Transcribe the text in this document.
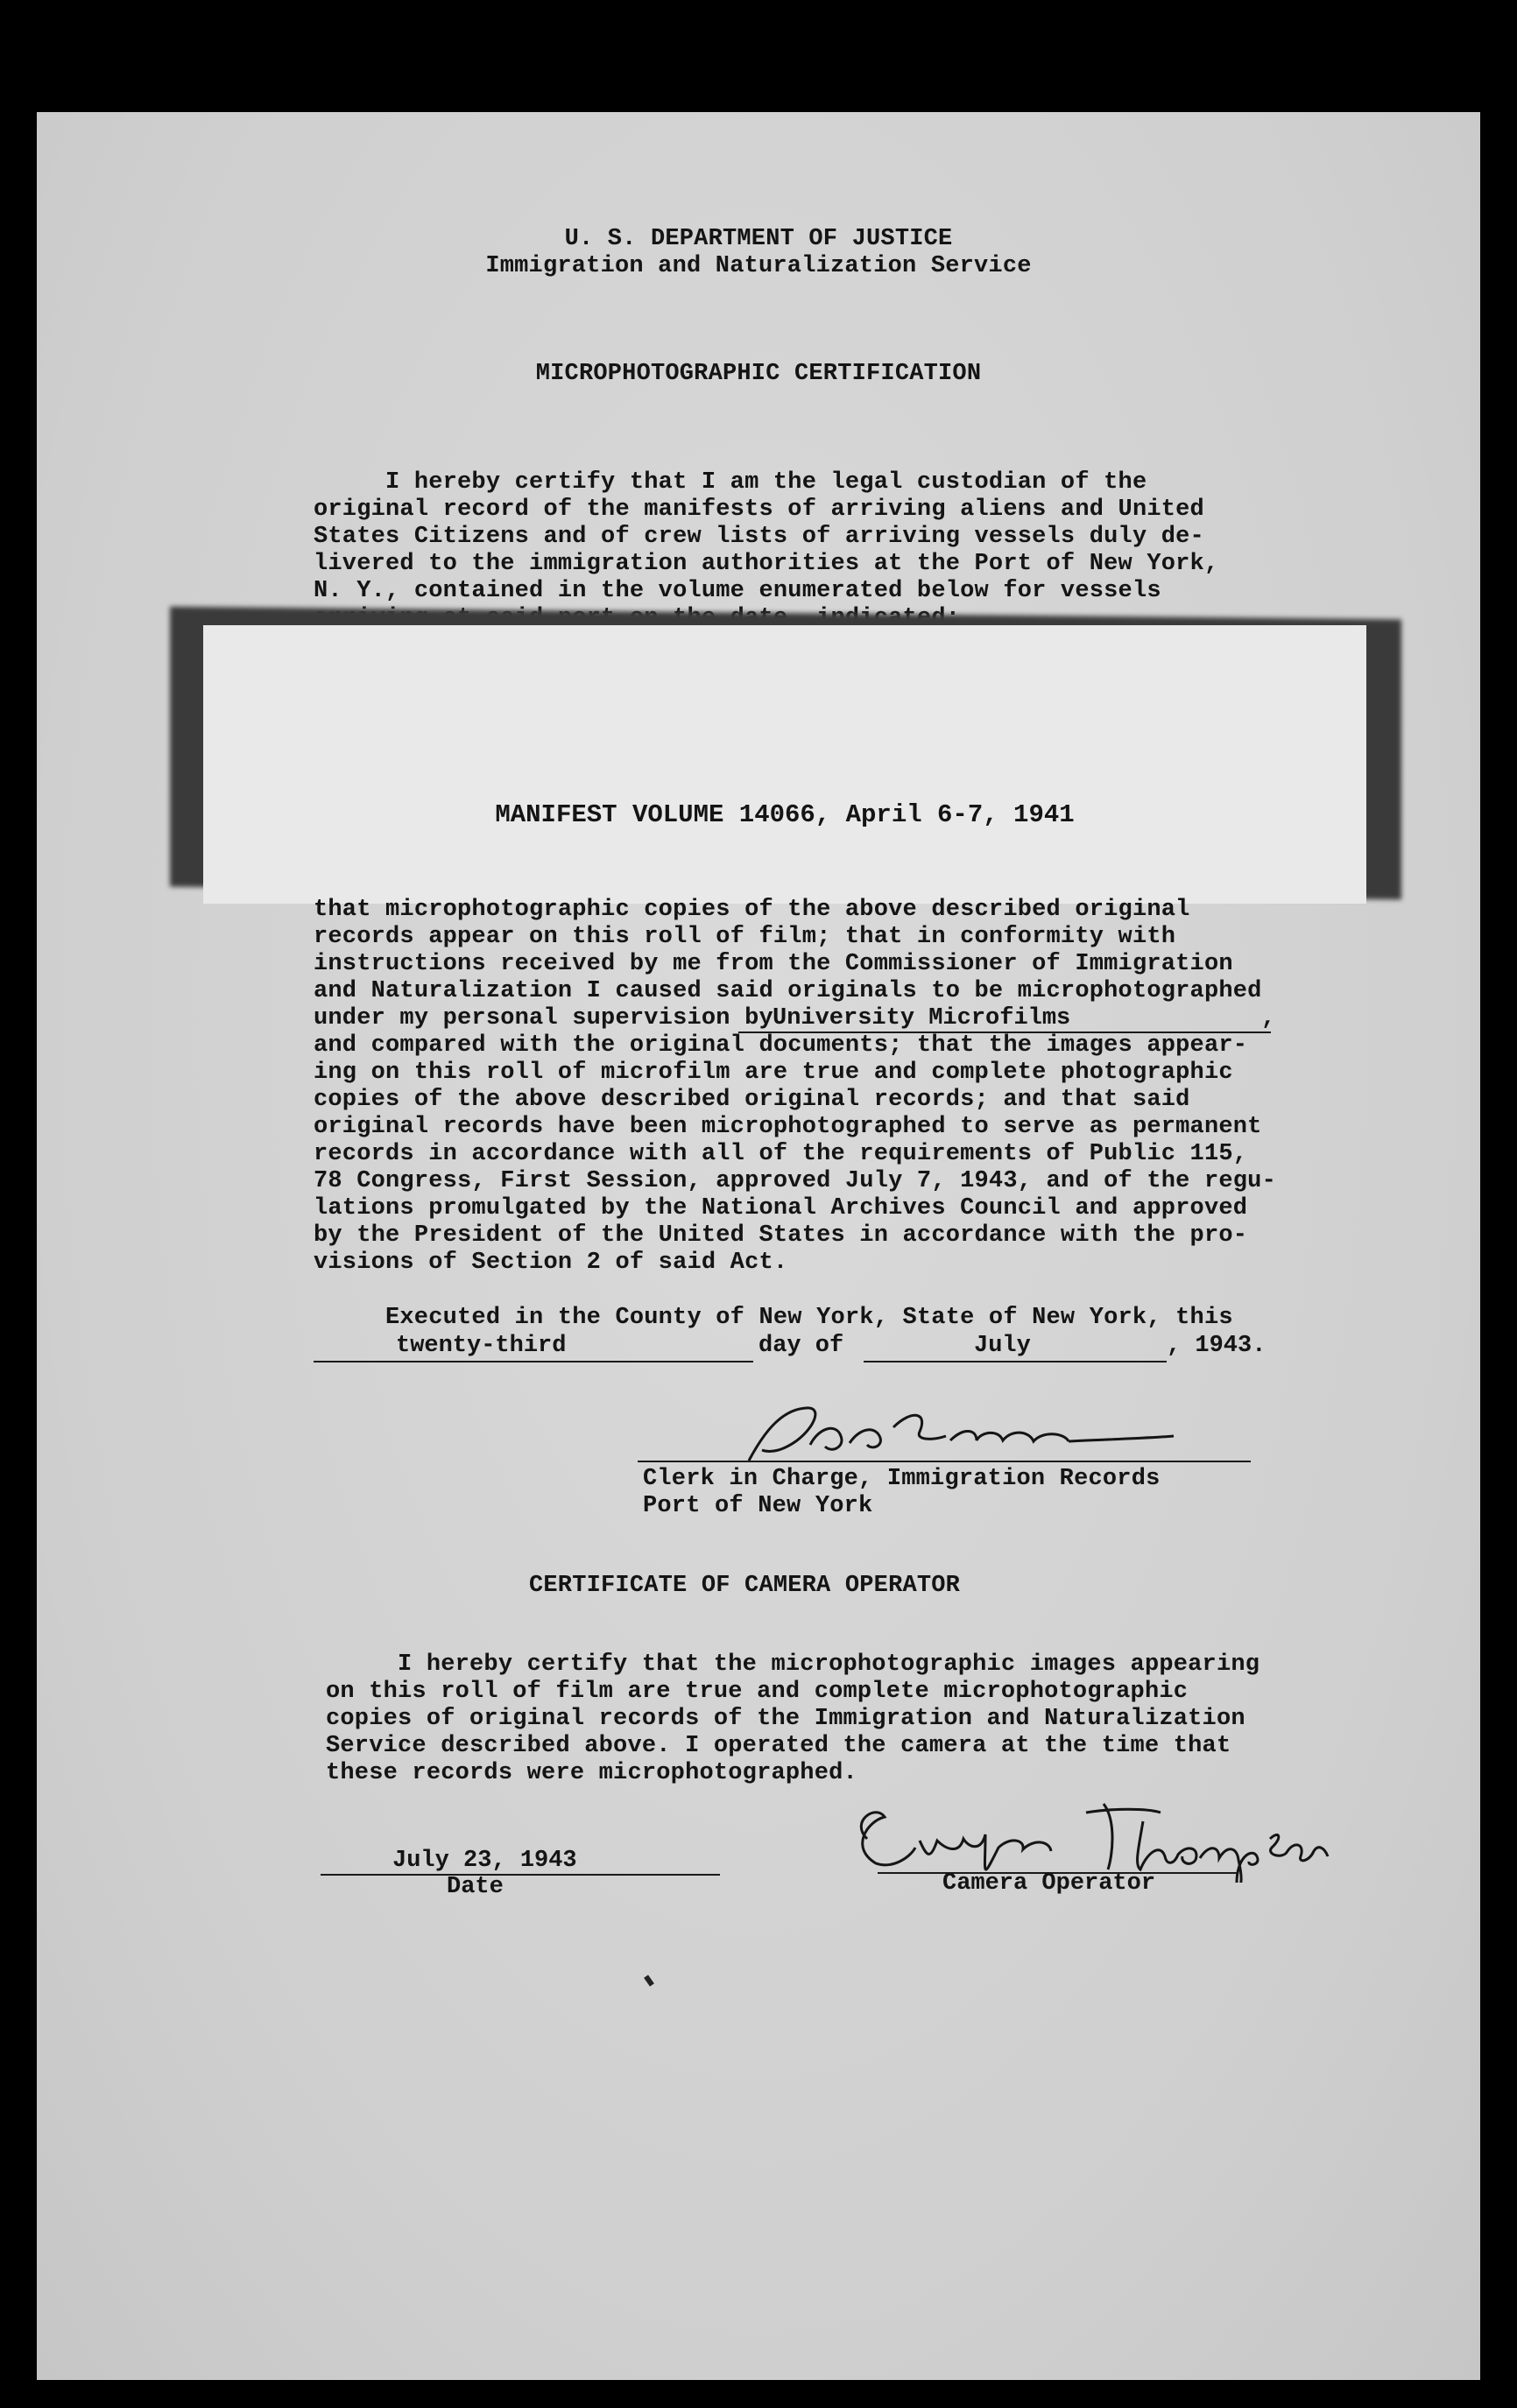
U. S. DEPARTMENT OF JUSTICE
Immigration and Naturalization Service
MICROPHOTOGRAPHIC CERTIFICATION
I hereby certify that I am the legal custodian of the
original record of the manifests of arriving aliens and United
States Citizens and of crew lists of arriving vessels duly de-
livered to the immigration authorities at the Port of New York,
N. Y., contained in the volume enumerated below for vessels
MANIFEST VOLUME 14066, April 6-7, 1941
that microphotographic copies of the above described original
records appear on this roll of film; that in conformity with
instructions received by me from the Commissioner of Immigration
and Naturalization I caused said originals to be microphotographed
under my personal supervision by University Microfilms	,
and compared with the original documents; that the images appear-
ing on this roll of microfilm are true and complete photographic
copies of the above described original records; and that said
original records have been microphotographed to serve as permanent
records in accordance with all of the requirements of Public 115,
78 Congress, First Session, approved July 7, 1943, and of the regu-
lations promulgated by the National Archives Council and approved
by the President of the United States in accordance with the pro-
visions of Section 2 of said Act.
Executed in the County of New York, State of New York, this
twenty-third	day of	July	, 1943.
Clerk in Charge, Immigration Records
Port of New York
CERTIFICATE OF CAMERA OPERATOR
I hereby certify that the microphotographic images appearing
on this roll of film are true and complete microphotographic
copies of original records of the Immigration and Naturalization
Service described above. I operated the camera at the time that
these records were microphotographed.
July 23, 1943
Date	Camera Operator
